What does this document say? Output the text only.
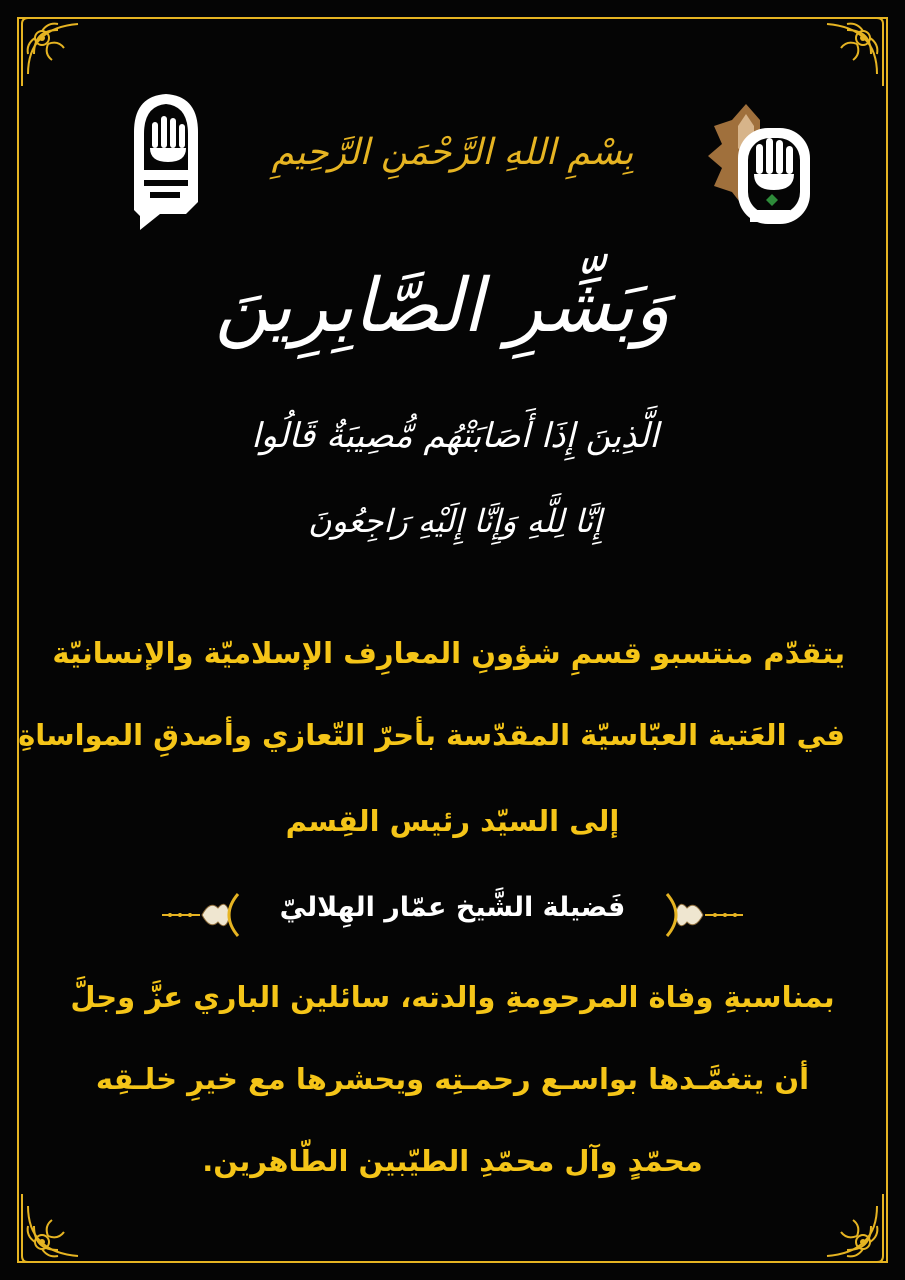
بِسْمِ اللهِ الرَّحْمَنِ الرَّحِيمِ
وَبَشِّرِ الصَّابِرِينَ
الَّذِينَ إِذَا أَصَابَتْهُم مُّصِيبَةٌ قَالُوا
إِنَّا لِلَّهِ وَإِنَّا إِلَيْهِ رَاجِعُونَ
يتقدّم منتسبو قسمِ شؤونِ المعارِف الإسلاميّة والإنسانيّة
في العَتبة العبّاسيّة المقدّسة بأحرّ التّعازي وأصدقِ المواساةِ
إلى السيّد رئيس القِسم
فَضيلة الشَّيخ عمّار الهِلاليّ
بمناسبةِ وفاة المرحومةِ والدته، سائلين الباري عزَّ وجلَّ
أن يتغمَّـدها بواسـع رحمـتِه ويحشرها مع خيرِ خلـقِه
محمّدٍ وآل محمّدِ الطيّبين الطّاهرين.
